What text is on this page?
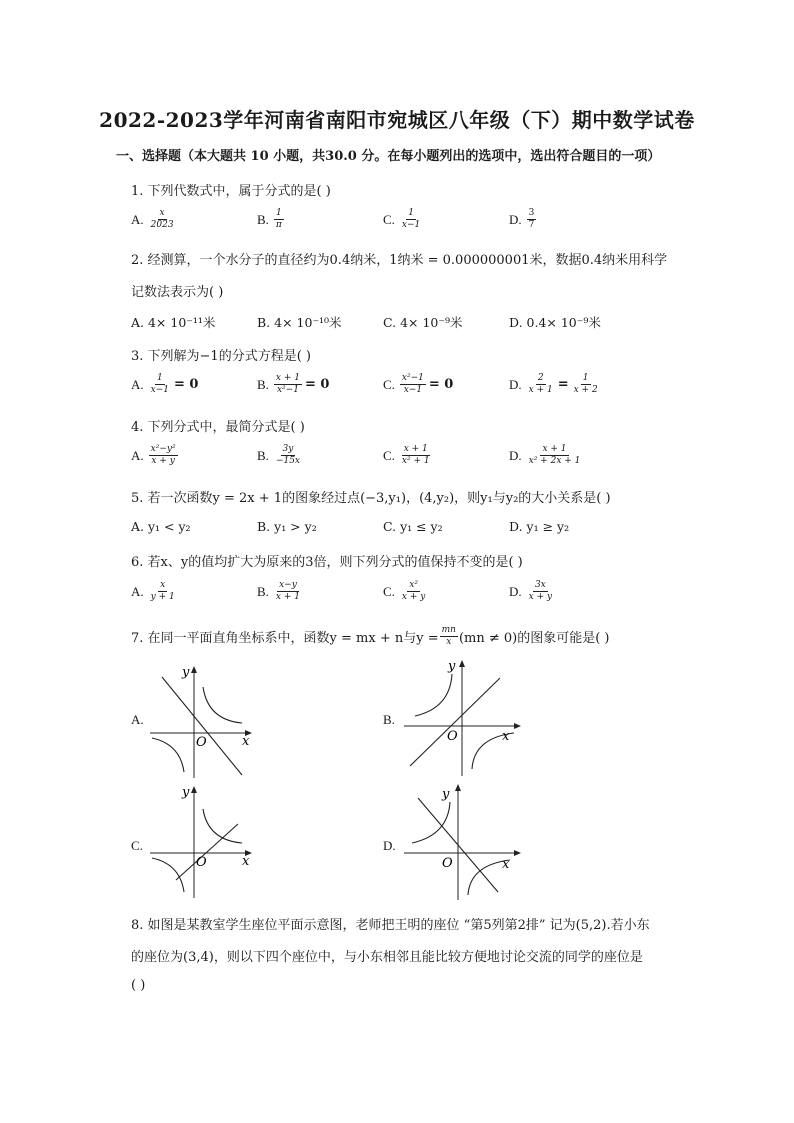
2022-2023学年河南省南阳市宛城区八年级（下）期中数学试卷
一、选择题（本大题共 10 小题，共30.0 分。在每小题列出的选项中，选出符合题目的一项）
1. 下列代数式中，属于分式的是( )
A. $\frac{x}{2023}$	B. $\frac{1}{\pi}$	C. $\frac{1}{x-1}$	D. $\frac{3}{7}$
2. 经测算，一个水分子的直径约为0.4纳米，1纳米 = 0.000000001米，数据0.4纳米用科学
记数法表示为( )
A. 4× 10⁻¹¹米	B. 4× 10⁻¹⁰米	C. 4× 10⁻⁹米	D. 0.4× 10⁻⁹米
3. 下列解为−1的分式方程是( )
A. $\frac{1}{x-1} = 0$	B. $\frac{x + 1}{\text{x²−1}} = 0$	C. $\frac{\text{x²−1}}{x-1} = 0$	D. $\frac{2}{x + 1} = \frac{1}{x + 2}$
4. 下列分式中，最简分式是( )
A. $\frac{\text{x²−y²}}{x + y}$	B. $\frac{3y}{-15x}$	C. $\frac{x + 1}{\text{x² + 1}}$	D. $\frac{x + 1}{\text{x² + 2x + 1}}$
5. 若一次函数y = 2x + 1的图象经过点(−3,y₁)，(4,y₂)，则y₁与y₂的大小关系是( )
A. y₁ < y₂	B. y₁ > y₂	C. y₁ ≤ y₂	D. y₁ ≥ y₂
6. 若x、y的值均扩大为原来的3倍，则下列分式的值保持不变的是( )
A. $\frac{x}{y + 1}$	B. $\frac{x-y}{x + 1}$	C. $\frac{\text{x²}}{x + y}$	D. $\frac{3x}{x + y}$
7. 在同一平面直角坐标系中，函数y = mx + n与$y = \frac{mn}{x} (mn \ne 0)$的图象可能是( )
A.
y
x
O
B.
y
x
O
C.
y
x
O
D.
y
x
O
8. 如图是某教室学生座位平面示意图，老师把王明的座位 “第5列第2排” 记为(5,2).若小东
的座位为(3,4)，则以下四个座位中，与小东相邻且能比较方便地讨论交流的同学的座位是
( )
